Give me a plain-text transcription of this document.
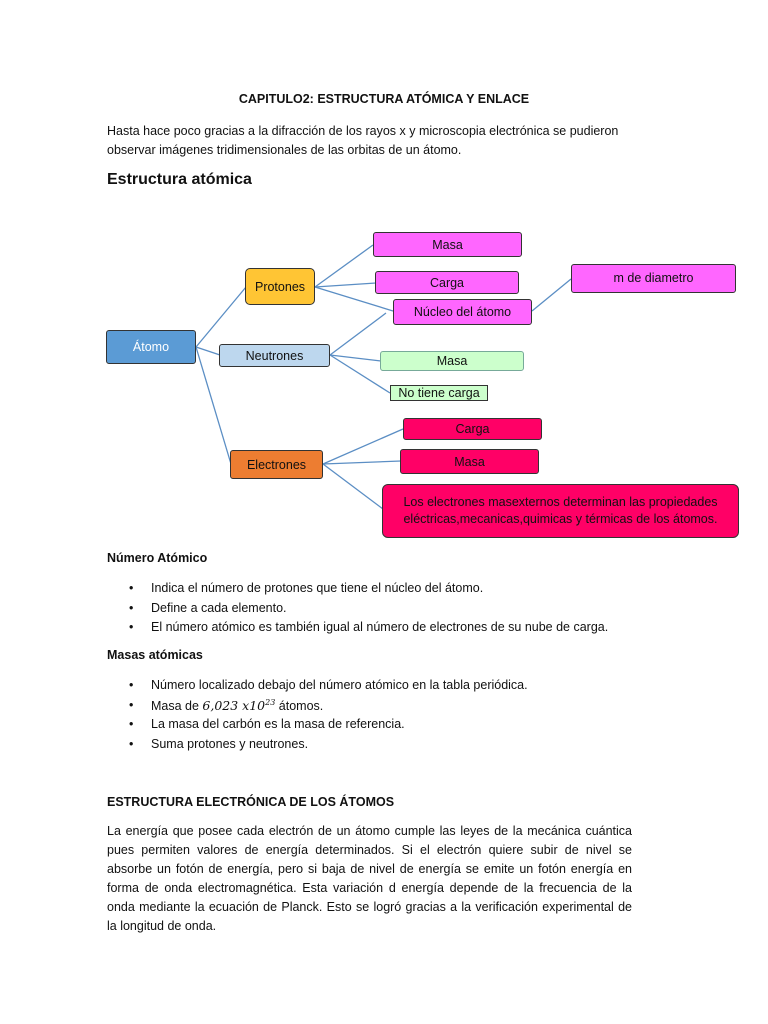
CAPITULO2: ESTRUCTURA ATÓMICA Y ENLACE
Hasta hace poco gracias a la difracción de los rayos x y microscopia electrónica se pudieron observar imágenes tridimensionales de las orbitas de un átomo.
Estructura atómica
Átomo
Protones
Neutrones
Electrones
Masa
Carga
Núcleo del átomo
m de diametro
Masa
No tiene carga
Carga
Masa
Los electrones masexternos determinan las propiedades eléctricas,mecanicas,quimicas y térmicas de los átomos.
Número Atómico
• Indica el número de protones que tiene el núcleo del átomo.
• Define a cada elemento.
• El número atómico es también igual al número de electrones de su nube de carga.
Masas atómicas
• Número localizado debajo del número atómico en la tabla periódica.
• Masa de 6,023 $x10^{23}$ átomos.
• La masa del carbón es la masa de referencia.
• Suma protones y neutrones.
ESTRUCTURA ELECTRÓNICA DE LOS ÁTOMOS
La energía que posee cada electrón de un átomo cumple las leyes de la mecánica cuántica pues permiten valores de energía determinados. Si el electrón quiere subir de nivel se absorbe un fotón de energía, pero si baja de nivel de energía se emite un fotón energía en forma de onda electromagnética. Esta variación d energía depende de la frecuencia de la onda mediante la ecuación de Planck. Esto se logró gracias a la verificación experimental de la longitud de onda.
